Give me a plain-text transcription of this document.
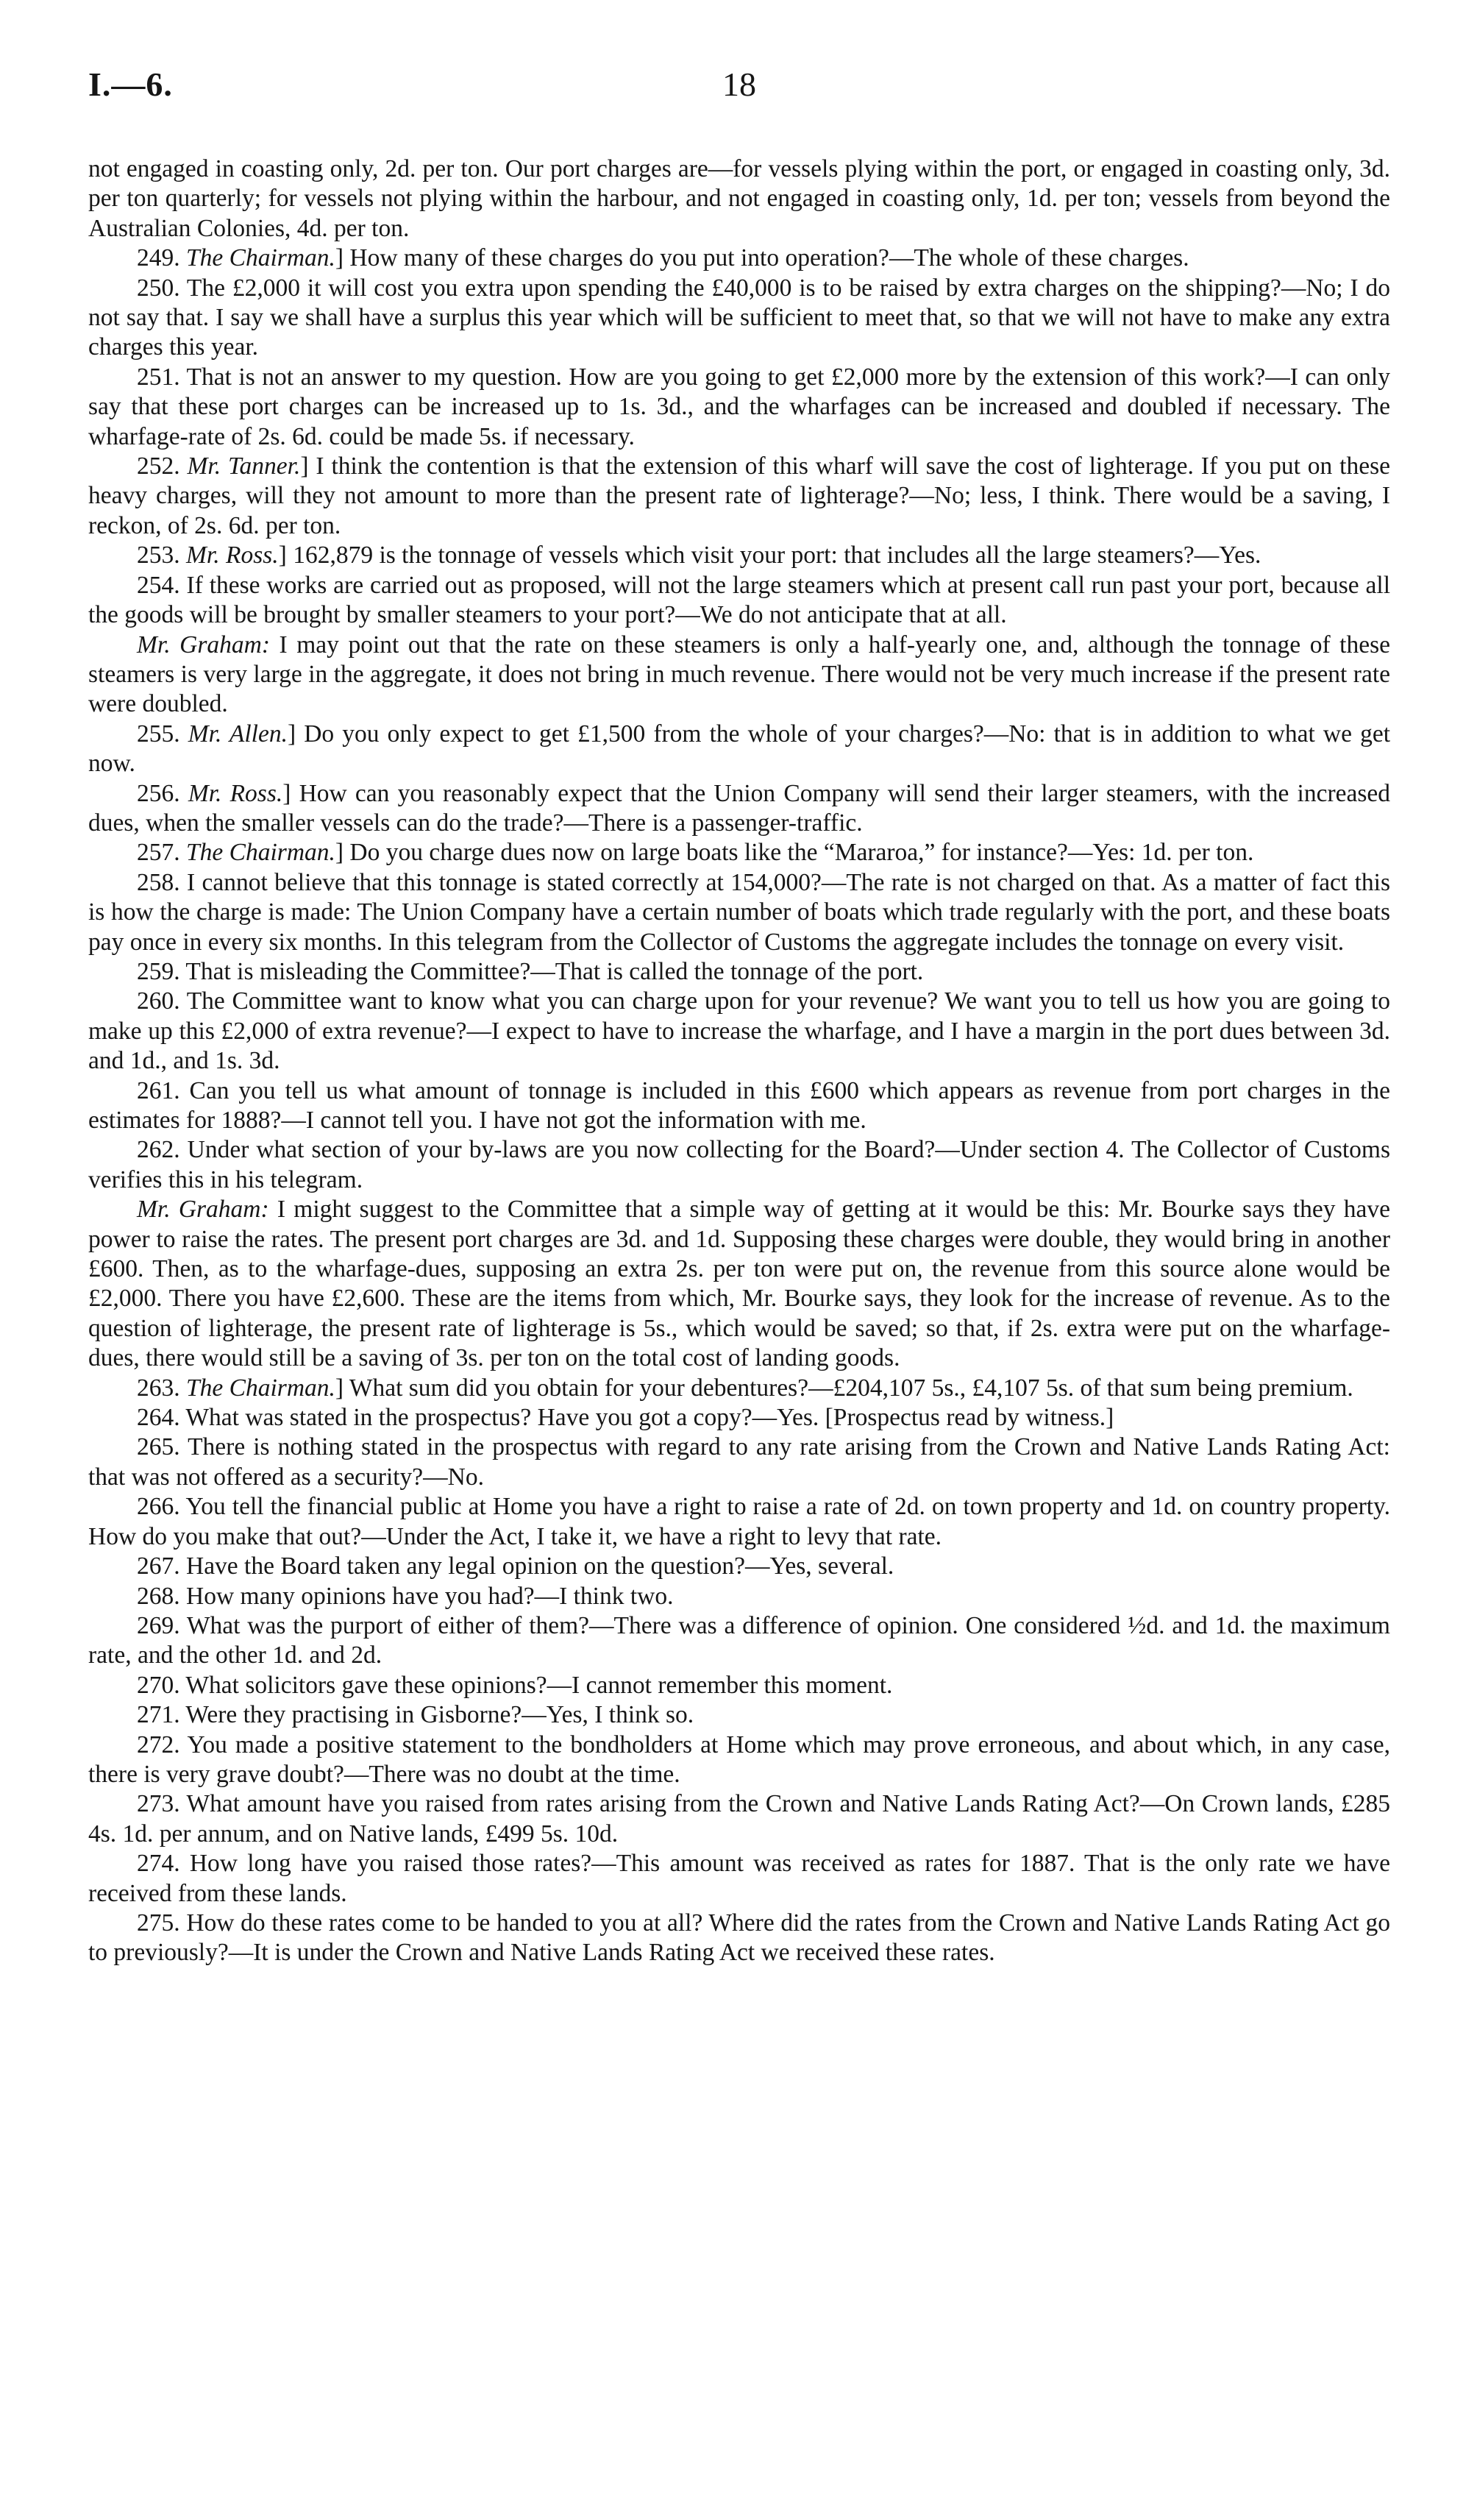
I.—6.	18

not engaged in coasting only, 2d. per ton. Our port charges are—for vessels plying within the port, or engaged in coasting only, 3d. per ton quarterly; for vessels not plying within the harbour, and not engaged in coasting only, 1d. per ton; vessels from beyond the Australian Colonies, 4d. per ton.

249. The Chairman.] How many of these charges do you put into operation?—The whole of these charges.

250. The £2,000 it will cost you extra upon spending the £40,000 is to be raised by extra charges on the shipping?—No; I do not say that. I say we shall have a surplus this year which will be sufficient to meet that, so that we will not have to make any extra charges this year.

251. That is not an answer to my question. How are you going to get £2,000 more by the extension of this work?—I can only say that these port charges can be increased up to 1s. 3d., and the wharfages can be increased and doubled if necessary. The wharfage-rate of 2s. 6d. could be made 5s. if necessary.

252. Mr. Tanner.] I think the contention is that the extension of this wharf will save the cost of lighterage. If you put on these heavy charges, will they not amount to more than the present rate of lighterage?—No; less, I think. There would be a saving, I reckon, of 2s. 6d. per ton.

253. Mr. Ross.] 162,879 is the tonnage of vessels which visit your port: that includes all the large steamers?—Yes.

254. If these works are carried out as proposed, will not the large steamers which at present call run past your port, because all the goods will be brought by smaller steamers to your port?—We do not anticipate that at all.

Mr. Graham: I may point out that the rate on these steamers is only a half-yearly one, and, although the tonnage of these steamers is very large in the aggregate, it does not bring in much revenue. There would not be very much increase if the present rate were doubled.

255. Mr. Allen.] Do you only expect to get £1,500 from the whole of your charges?—No: that is in addition to what we get now.

256. Mr. Ross.] How can you reasonably expect that the Union Company will send their larger steamers, with the increased dues, when the smaller vessels can do the trade?—There is a passenger-traffic.

257. The Chairman.] Do you charge dues now on large boats like the “Mararoa,” for instance?—Yes: 1d. per ton.

258. I cannot believe that this tonnage is stated correctly at 154,000?—The rate is not charged on that. As a matter of fact this is how the charge is made: The Union Company have a certain number of boats which trade regularly with the port, and these boats pay once in every six months. In this telegram from the Collector of Customs the aggregate includes the tonnage on every visit.

259. That is misleading the Committee?—That is called the tonnage of the port.

260. The Committee want to know what you can charge upon for your revenue? We want you to tell us how you are going to make up this £2,000 of extra revenue?—I expect to have to increase the wharfage, and I have a margin in the port dues between 3d. and 1d., and 1s. 3d.

261. Can you tell us what amount of tonnage is included in this £600 which appears as revenue from port charges in the estimates for 1888?—I cannot tell you. I have not got the information with me.

262. Under what section of your by-laws are you now collecting for the Board?—Under section 4. The Collector of Customs verifies this in his telegram.

Mr. Graham: I might suggest to the Committee that a simple way of getting at it would be this: Mr. Bourke says they have power to raise the rates. The present port charges are 3d. and 1d. Supposing these charges were double, they would bring in another £600. Then, as to the wharfage-dues, supposing an extra 2s. per ton were put on, the revenue from this source alone would be £2,000. There you have £2,600. These are the items from which, Mr. Bourke says, they look for the increase of revenue. As to the question of lighterage, the present rate of lighterage is 5s., which would be saved; so that, if 2s. extra were put on the wharfage-dues, there would still be a saving of 3s. per ton on the total cost of landing goods.

263. The Chairman.] What sum did you obtain for your debentures?—£204,107 5s., £4,107 5s. of that sum being premium.

264. What was stated in the prospectus? Have you got a copy?—Yes. [Prospectus read by witness.]

265. There is nothing stated in the prospectus with regard to any rate arising from the Crown and Native Lands Rating Act: that was not offered as a security?—No.

266. You tell the financial public at Home you have a right to raise a rate of 2d. on town property and 1d. on country property. How do you make that out?—Under the Act, I take it, we have a right to levy that rate.

267. Have the Board taken any legal opinion on the question?—Yes, several.

268. How many opinions have you had?—I think two.

269. What was the purport of either of them?—There was a difference of opinion. One considered ½d. and 1d. the maximum rate, and the other 1d. and 2d.

270. What solicitors gave these opinions?—I cannot remember this moment.

271. Were they practising in Gisborne?—Yes, I think so.

272. You made a positive statement to the bondholders at Home which may prove erroneous, and about which, in any case, there is very grave doubt?—There was no doubt at the time.

273. What amount have you raised from rates arising from the Crown and Native Lands Rating Act?—On Crown lands, £285 4s. 1d. per annum, and on Native lands, £499 5s. 10d.

274. How long have you raised those rates?—This amount was received as rates for 1887. That is the only rate we have received from these lands.

275. How do these rates come to be handed to you at all? Where did the rates from the Crown and Native Lands Rating Act go to previously?—It is under the Crown and Native Lands Rating Act we received these rates.
